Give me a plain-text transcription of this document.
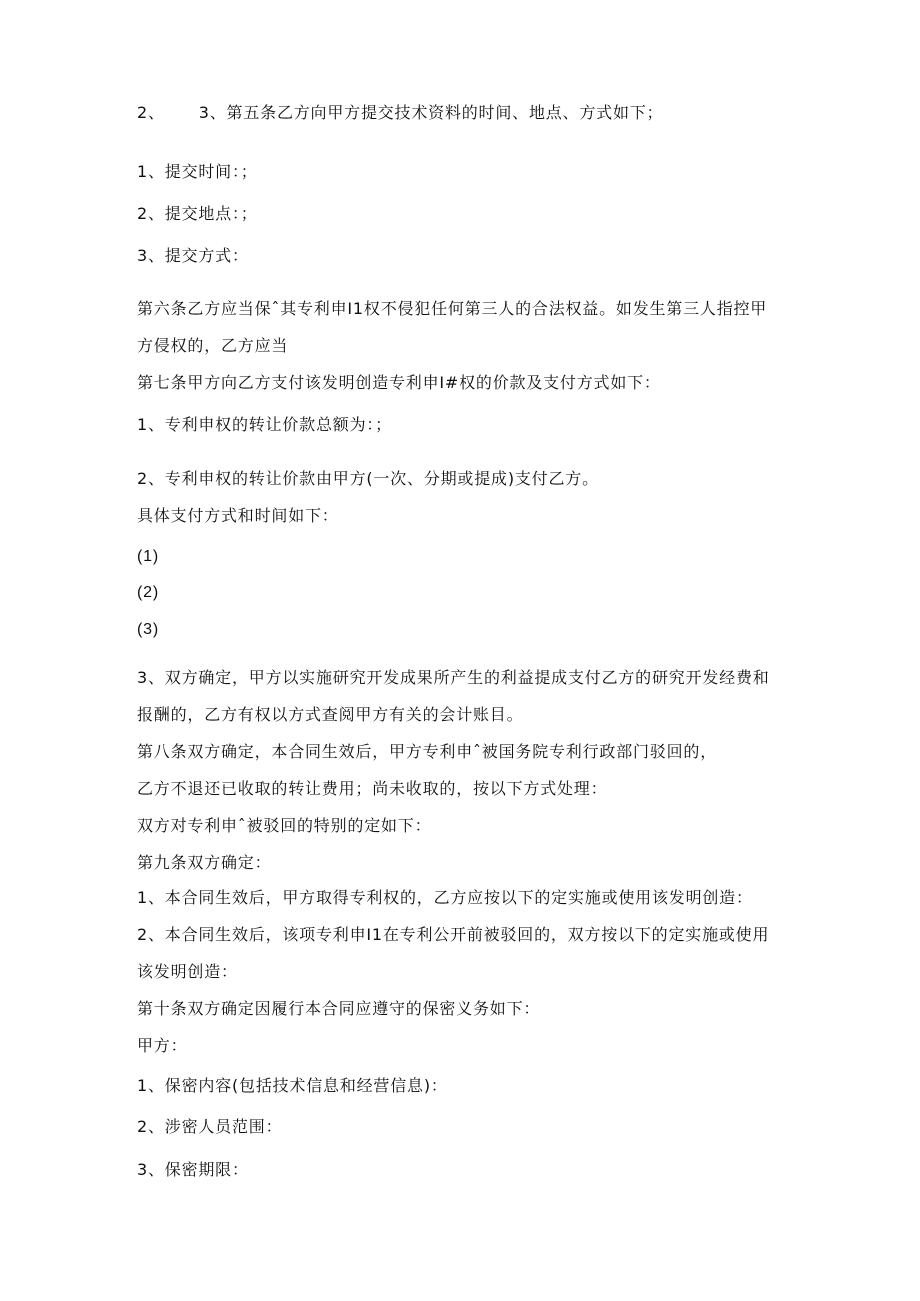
2、 3、第五条乙方向甲方提交技术资料的时间、地点、方式如下；
1、提交时间：；
2、提交地点：；
3、提交方式：
第六条乙方应当保ˆ其专利申I1权不侵犯任何第三人的合法权益。如发生第三人指控甲
方侵权的，乙方应当
第七条甲方向乙方支付该发明创造专利申I#权的价款及支付方式如下：
1、专利申权的转让价款总额为：；
2、专利申权的转让价款由甲方(一次、分期或提成)支付乙方。
具体支付方式和时间如下：
(1)
(2)
(3)
3、双方确定，甲方以实施研究开发成果所产生的利益提成支付乙方的研究开发经费和
报酬的，乙方有权以方式查阅甲方有关的会计账目。
第八条双方确定，本合同生效后，甲方专利申ˆ被国务院专利行政部门驳回的，
乙方不退还已收取的转让费用；尚未收取的，按以下方式处理：
双方对专利申ˆ被驳回的特别的定如下：
第九条双方确定：
1、本合同生效后，甲方取得专利权的，乙方应按以下的定实施或使用该发明创造：
2、本合同生效后，该项专利申I1在专利公开前被驳回的，双方按以下的定实施或使用
该发明创造：
第十条双方确定因履行本合同应遵守的保密义务如下：
甲方：
1、保密内容(包括技术信息和经营信息)：
2、涉密人员范围：
3、保密期限：
